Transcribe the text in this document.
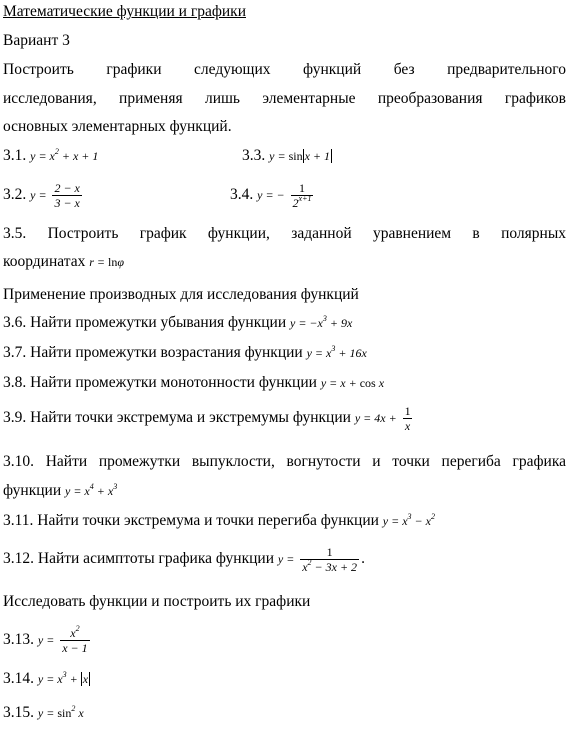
Математические функции и графики
Вариант 3
Построить графики следующих функций без предварительного
исследования, применяя лишь элементарные преобразования графиков
основных элементарных функций.
3.1. $y = x^2 + x + 1$	3.3. y = sin x + 1
3.2. $y = \frac{2 - x}{3 - x}$	3.4. y = − $\frac{1}{2^{x+1}}$
3.5. Построить график функции, заданной уравнением в полярных
координатах r = lnφ
Применение производных для исследования функций
3.6. Найти промежутки убывания функции $y = -x^3 + 9x$
3.7. Найти промежутки возрастания функции $y = x^3 + 16x$
3.8. Найти промежутки монотонности функции y = x + cos x
3.9. Найти точки экстремума и экстремумы функции $y = 4x + \frac{1}{x}$
3.10. Найти промежутки выпуклости, вогнутости и точки перегиба графика
функции $y = x^4 + x^3$
3.11. Найти точки экстремума и точки перегиба функции $y = x^3 - x^2$
3.12. Найти асимптоты графика функции $y = \frac{1}{x^2 - 3x + 2}$ .
Исследовать функции и построить их графики
3.13. $y = \frac{x^2}{x - 1}$
3.14. $y = x^3 + x$
3.15. $y = \sin^2 x$
